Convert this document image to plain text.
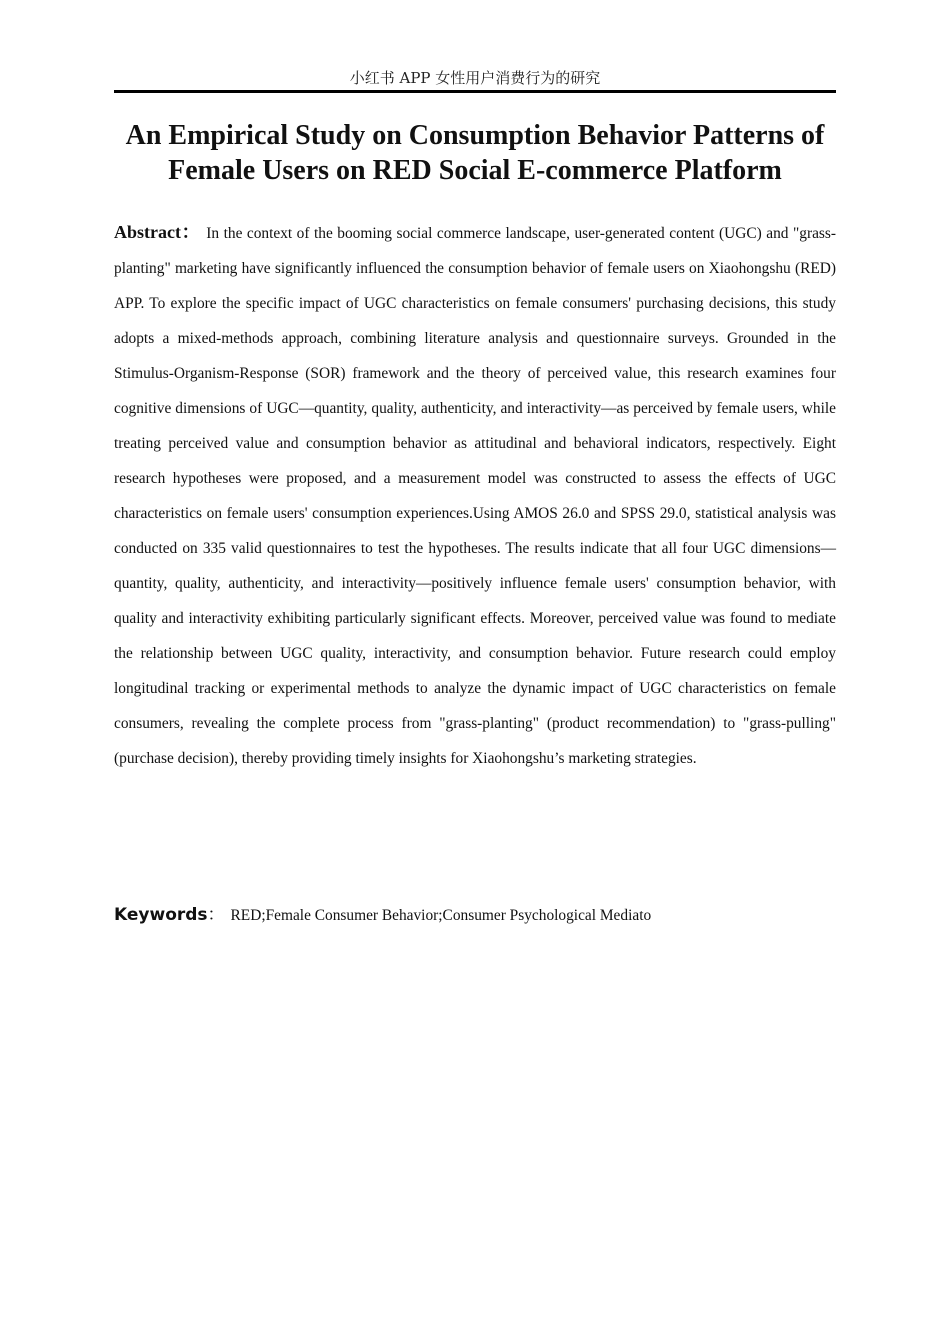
小红书 APP 女性用户消费行为的研究
An Empirical Study on Consumption Behavior Patterns of
Female Users on RED Social E-commerce Platform

Abstract： In the context of the booming social commerce landscape, user-generated content (UGC) and "grass-planting" marketing have significantly influenced the consumption behavior of female users on Xiaohongshu (RED) APP. To explore the specific impact of UGC characteristics on female consumers' purchasing decisions, this study adopts a mixed-methods approach, combining literature analysis and questionnaire surveys. Grounded in the Stimulus-Organism-Response (SOR) framework and the theory of perceived value, this research examines four cognitive dimensions of UGC—quantity, quality, authenticity, and interactivity—as perceived by female users, while treating perceived value and consumption behavior as attitudinal and behavioral indicators, respectively. Eight research hypotheses were proposed, and a measurement model was constructed to assess the effects of UGC characteristics on female users' consumption experiences.Using AMOS 26.0 and SPSS 29.0, statistical analysis was conducted on 335 valid questionnaires to test the hypotheses. The results indicate that all four UGC dimensions—quantity, quality, authenticity, and interactivity—positively influence female users' consumption behavior, with quality and interactivity exhibiting particularly significant effects. Moreover, perceived value was found to mediate the relationship between UGC quality, interactivity, and consumption behavior. Future research could employ longitudinal tracking or experimental methods to analyze the dynamic impact of UGC characteristics on female consumers, revealing the complete process from "grass-planting" (product recommendation) to "grass-pulling" (purchase decision), thereby providing timely insights for Xiaohongshu’s marketing strategies.

Keywords： RED;Female Consumer Behavior;Consumer Psychological Mediato
